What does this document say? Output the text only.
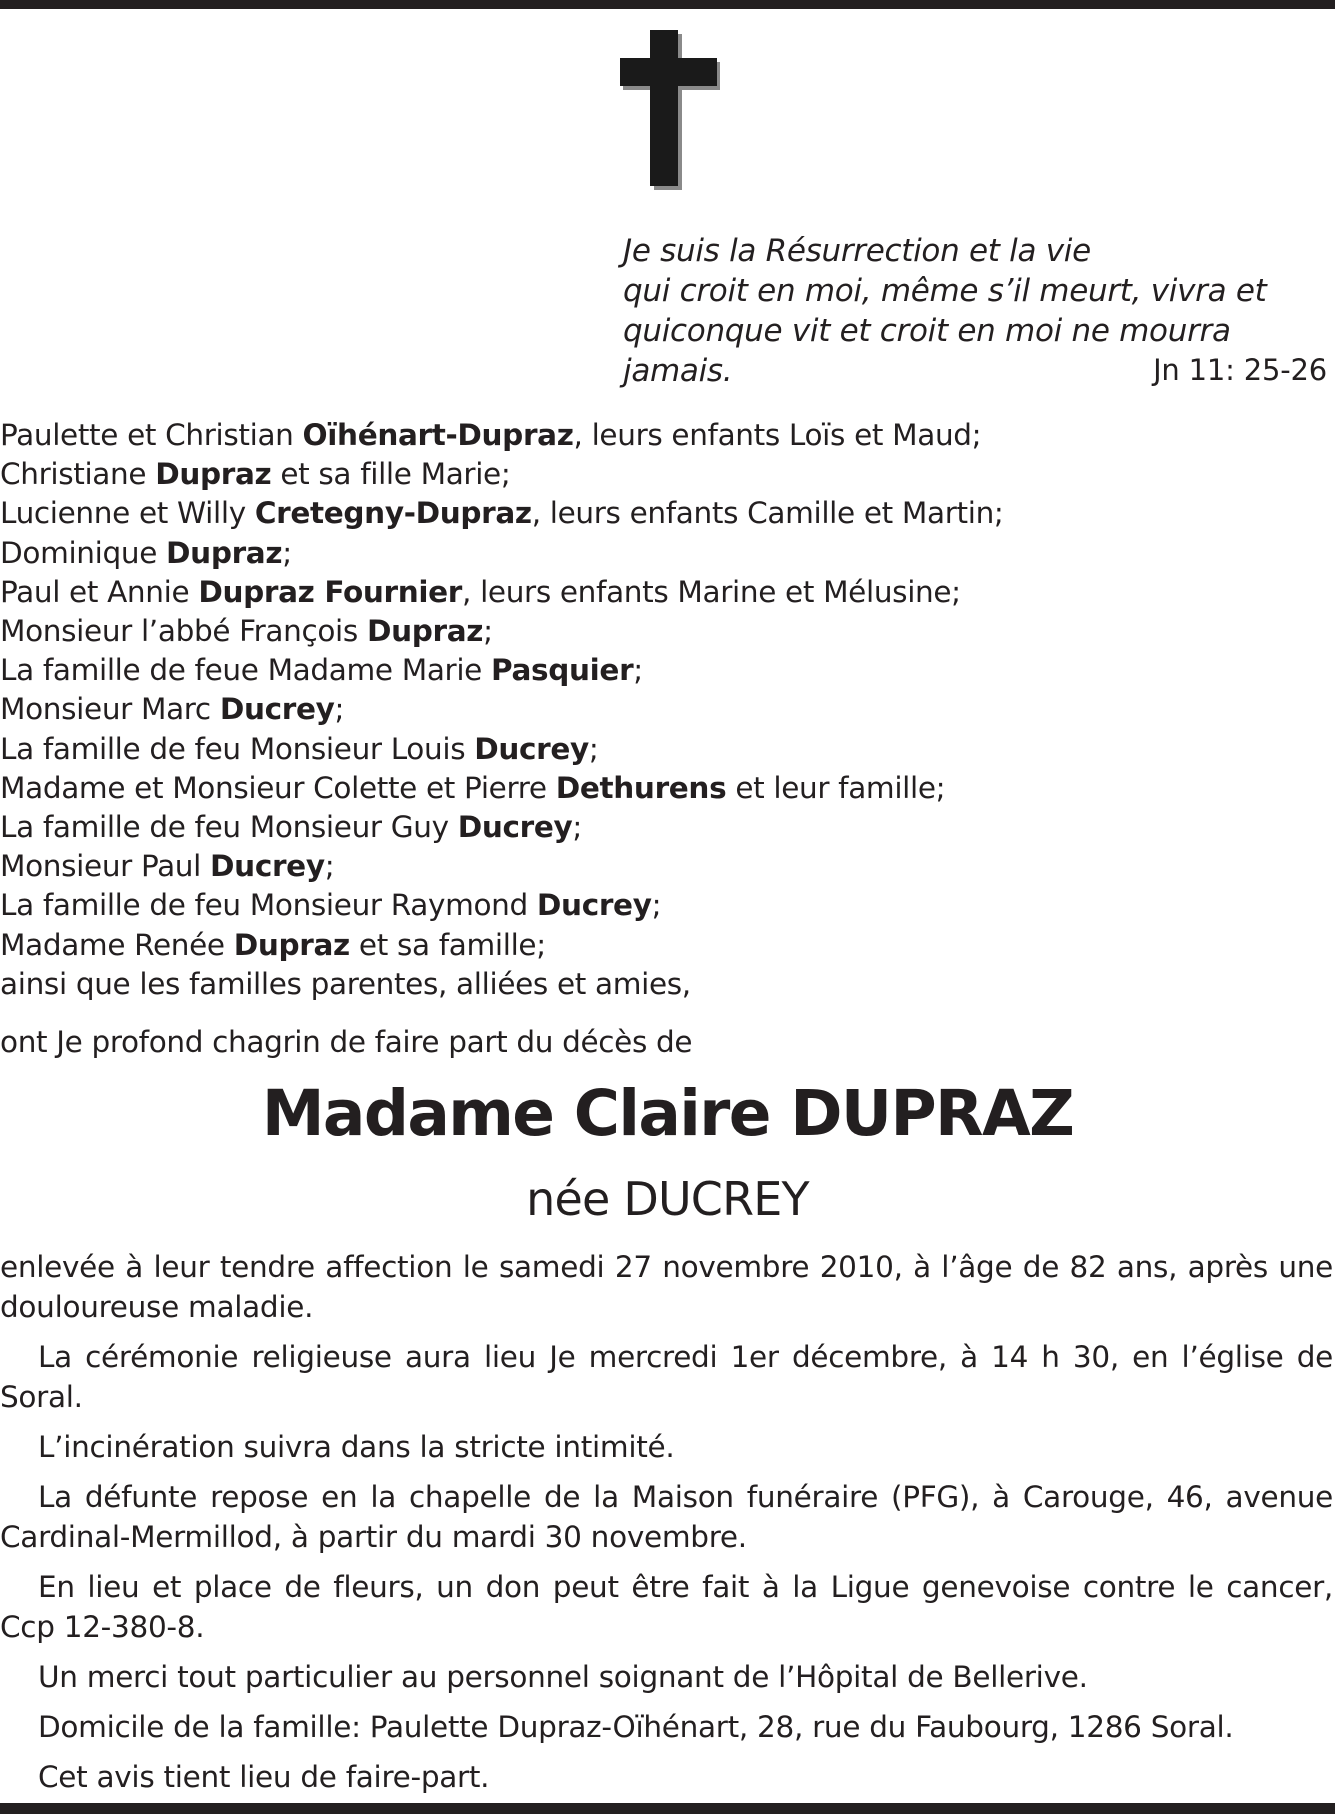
Je suis la Résurrection et la vie
qui croit en moi, même s’il meurt, vivra et
quiconque vit et croit en moi ne mourra jamais.	Jn 11: 25-26
Paulette et Christian Oïhénart-Dupraz, leurs enfants Loïs et Maud;
Christiane Dupraz et sa fille Marie;
Lucienne et Willy Cretegny-Dupraz, leurs enfants Camille et Martin;
Dominique Dupraz;
Paul et Annie Dupraz Fournier, leurs enfants Marine et Mélusine;
Monsieur l’abbé François Dupraz;
La famille de feue Madame Marie Pasquier;
Monsieur Marc Ducrey;
La famille de feu Monsieur Louis Ducrey;
Madame et Monsieur Colette et Pierre Dethurens et leur famille;
La famille de feu Monsieur Guy Ducrey;
Monsieur Paul Ducrey;
La famille de feu Monsieur Raymond Ducrey;
Madame Renée Dupraz et sa famille;
ainsi que les familles parentes, alliées et amies,
ont Je profond chagrin de faire part du décès de
Madame Claire DUPRAZ
née DUCREY

enlevée à leur tendre affection le samedi 27 novembre 2010, à l’âge de 82 ans, après une douloureuse maladie.

La cérémonie religieuse aura lieu Je mercredi 1er décembre, à 14 h 30, en l’église de Soral.

L’incinération suivra dans la stricte intimité.

La défunte repose en la chapelle de la Maison funéraire (PFG), à Carouge, 46, avenue Cardinal-Mermillod, à partir du mardi 30 novembre.

En lieu et place de fleurs, un don peut être fait à la Ligue genevoise contre le cancer, Ccp 12-380-8.

Un merci tout particulier au personnel soignant de l’Hôpital de Bellerive.

Domicile de la famille: Paulette Dupraz-Oïhénart, 28, rue du Faubourg, 1286 Soral.

Cet avis tient lieu de faire-part.
